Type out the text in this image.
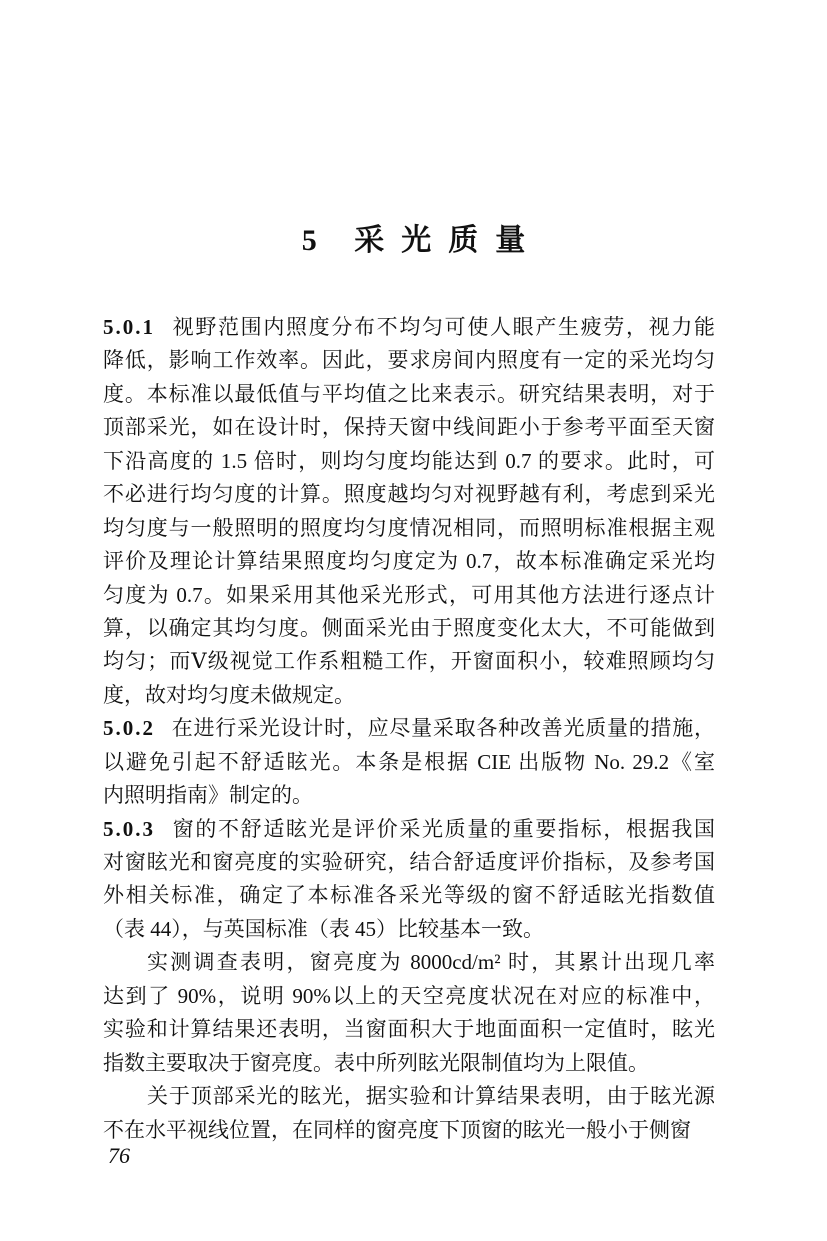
5 采光质量
5.0.1 视野范围内照度分布不均匀可使人眼产生疲劳，视力能
降低，影响工作效率。因此，要求房间内照度有一定的采光均匀
度。本标准以最低值与平均值之比来表示。研究结果表明，对于
顶部采光，如在设计时，保持天窗中线间距小于参考平面至天窗
下沿高度的 1.5 倍时，则均匀度均能达到 0.7 的要求。此时，可
不必进行均匀度的计算。照度越均匀对视野越有利，考虑到采光
均匀度与一般照明的照度均匀度情况相同，而照明标准根据主观
评价及理论计算结果照度均匀度定为 0.7，故本标准确定采光均
匀度为 0.7。如果采用其他采光形式，可用其他方法进行逐点计
算，以确定其均匀度。侧面采光由于照度变化太大，不可能做到
均匀；而Ⅴ级视觉工作系粗糙工作，开窗面积小，较难照顾均匀
度，故对均匀度未做规定。
5.0.2 在进行采光设计时，应尽量采取各种改善光质量的措施，
以避免引起不舒适眩光。本条是根据 CIE 出版物 No. 29.2《室
内照明指南》制定的。
5.0.3 窗的不舒适眩光是评价采光质量的重要指标，根据我国
对窗眩光和窗亮度的实验研究，结合舒适度评价指标，及参考国
外相关标准，确定了本标准各采光等级的窗不舒适眩光指数值
（表 44），与英国标准（表 45）比较基本一致。
实测调查表明，窗亮度为 8000cd/m² 时，其累计出现几率
达到了 90%，说明 90%以上的天空亮度状况在对应的标准中，
实验和计算结果还表明，当窗面积大于地面面积一定值时，眩光
指数主要取决于窗亮度。表中所列眩光限制值均为上限值。
关于顶部采光的眩光，据实验和计算结果表明，由于眩光源
不在水平视线位置，在同样的窗亮度下顶窗的眩光一般小于侧窗
76
